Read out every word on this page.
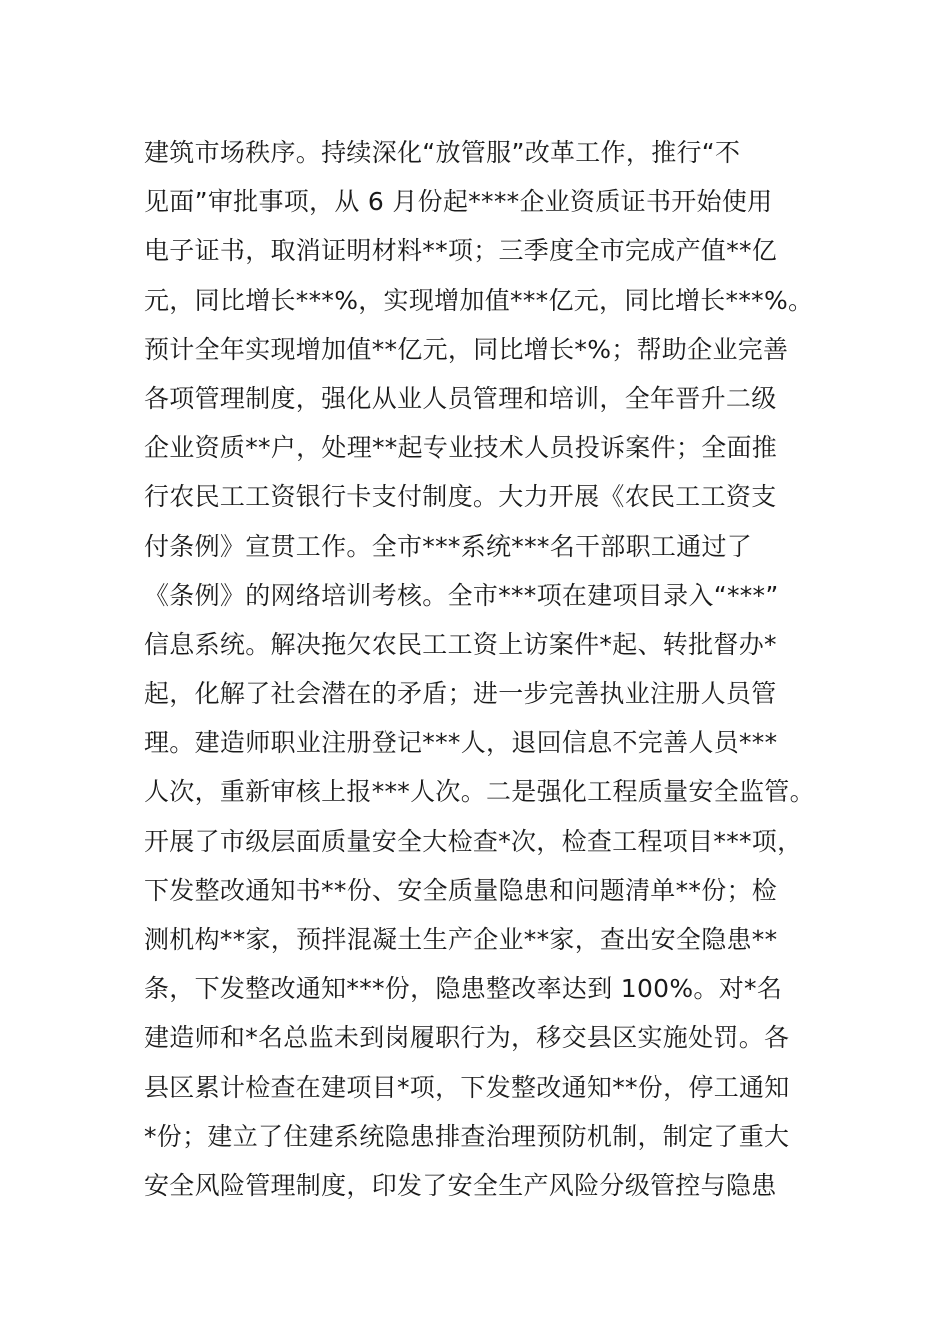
建筑市场秩序。持续深化“放管服”改革工作，推行“不
见面”审批事项，从 6 月份起****企业资质证书开始使用
电子证书，取消证明材料**项；三季度全市完成产值**亿
元，同比增长***%，实现增加值***亿元，同比增长***%。
预计全年实现增加值**亿元，同比增长*%；帮助企业完善
各项管理制度，强化从业人员管理和培训，全年晋升二级
企业资质**户，处理**起专业技术人员投诉案件；全面推
行农民工工资银行卡支付制度。大力开展《农民工工资支
付条例》宣贯工作。全市***系统***名干部职工通过了
《条例》的网络培训考核。全市***项在建项目录入“***”
信息系统。解决拖欠农民工工资上访案件*起、转批督办*
起，化解了社会潜在的矛盾；进一步完善执业注册人员管
理。建造师职业注册登记***人，退回信息不完善人员***
人次，重新审核上报***人次。二是强化工程质量安全监管。
开展了市级层面质量安全大检查*次，检查工程项目***项，
下发整改通知书**份、安全质量隐患和问题清单**份；检
测机构**家，预拌混凝土生产企业**家，查出安全隐患**
条，下发整改通知***份，隐患整改率达到 100%。对*名
建造师和*名总监未到岗履职行为，移交县区实施处罚。各
县区累计检查在建项目*项，下发整改通知**份，停工通知
*份；建立了住建系统隐患排查治理预防机制，制定了重大
安全风险管理制度，印发了安全生产风险分级管控与隐患
